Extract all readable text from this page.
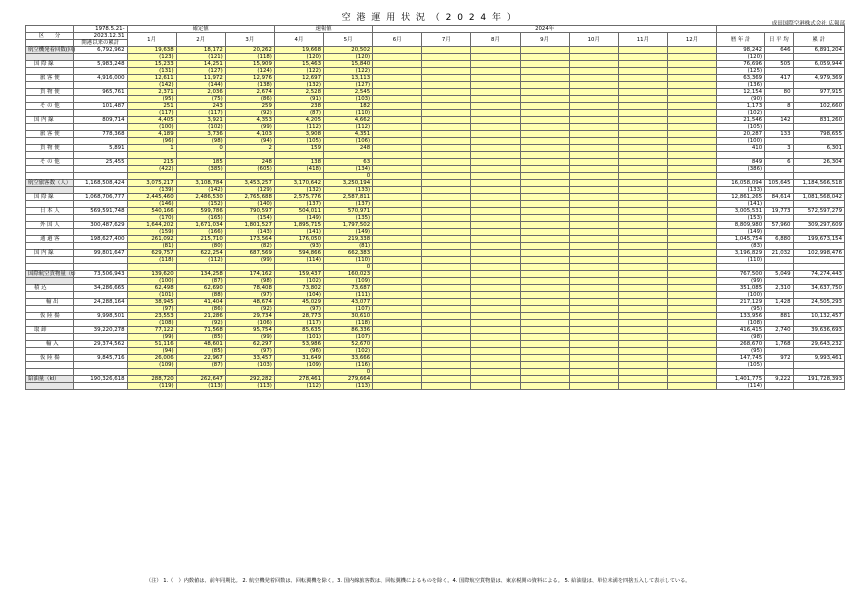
空 港 運 用 状 況 （ 2 0 2 4 年 ）
成田国際空港株式会社 広報部
	1978.5.21-	確定値			速報値		2024年									
区　　分	2023.12.31	1月	2月	3月	4月	5月	6月	7月	8月	9月	10月	11月	12月	暦 年 計	日 平 均	累 計
	開港以来の累計															
航空機発着回数(回)	6,792,962	19,638	18,172	20,262	19,668	20,502								98,242	646	6,891,204
		(123)	(121)	(118)	(120)	(120)								(120)		
国 際 線	5,983,248	15,233	14,251	15,909	15,463	15,840								76,696	505	6,059,944
		(131)	(127)	(124)	(122)	(122)								(125)		
旅 客 便	4,916,000	12,611	11,972	12,976	12,697	13,113								63,369	417	4,979,369
		(142)	(144)	(138)	(132)	(127)								(136)		
貨 物 便	965,761	2,371	2,036	2,674	2,528	2,545								12,154	80	977,915
		(95)	(75)	(86)	(91)	(103)								(90)		
そ の 他	101,487	251	243	259	238	182								1,173	8	102,660
		(117)	(117)	(92)	(87)	(110)								(102)		
国 内 線	809,714	4,405	3,921	4,353	4,205	4,662								21,546	142	831,260
		(100)	(102)	(99)	(112)	(112)								(105)		
旅 客 便	778,368	4,189	3,736	4,103	3,908	4,351								20,287	133	798,655
		(96)	(98)	(94)	(105)	(106)								(100)		
貨 物 便	5,891	1	0	2	159	248								410	3	6,301

そ の 他	25,455	215	185	248	138	63								849	6	26,304
		(422)	(385)	(605)	(418)	(134)								(386)		
						0										
航空旅客数（人）	1,168,508,424	3,075,217	3,108,784	3,453,257	3,170,642	3,250,194								16,058,094	105,645	1,184,566,518
		(139)	(142)	(129)	(132)	(133)								(133)		
国 際 線	1,068,706,777	2,445,460	2,486,530	2,765,688	2,575,776	2,587,811								12,861,265	84,614	1,081,568,042
		(146)	(152)	(140)	(137)	(137)								(141)		
日 本 人	569,591,748	540,166	599,786	790,597	504,011	570,971								3,005,531	19,773	572,597,279
		(170)	(165)	(154)	(149)	(135)								(153)		
外 国 人	300,487,629	1,644,202	1,671,034	1,801,527	1,895,715	1,797,502								8,809,980	57,960	309,297,609
		(159)	(166)	(143)	(141)	(149)								(149)		
通 過 客	198,627,400	261,092	215,710	173,564	176,050	219,338								1,045,754	6,880	199,673,154
		(81)	(80)	(82)	(93)	(81)								(83)		
国 内 線	99,801,647	629,757	622,254	687,569	594,866	662,383								3,196,829	21,032	102,998,476
		(118)	(112)	(99)	(114)	(110)								(110)		
						0										
国際航空貨物量（t）	73,506,943	139,620	134,258	174,162	159,437	160,023								767,500	5,049	74,274,443
		(100)	(87)	(98)	(102)	(109)								(99)		
積 込	34,286,665	62,498	62,690	78,408	73,802	73,687								351,085	2,310	34,637,750
		(101)	(88)	(97)	(104)	(111)								(100)		
輸 出	24,288,164	38,945	41,404	48,674	45,029	43,077								217,129	1,428	24,505,293
		(97)	(86)	(92)	(97)	(107)								(95)		
仮 陸 揚	9,998,501	23,553	21,286	29,734	28,773	30,610								133,956	881	10,132,457
		(108)	(92)	(106)	(117)	(118)								(108)		
取 卸	39,220,278	77,122	71,568	95,754	85,635	86,336								416,415	2,740	39,636,693
		(99)	(85)	(99)	(101)	(107)								(98)		
輸 入	29,374,562	51,116	48,601	62,297	53,986	52,670								268,670	1,768	29,643,232
		(94)	(85)	(97)	(96)	(102)								(95)		
仮 陸 揚	9,845,716	26,006	22,967	33,457	31,649	33,666								147,745	972	9,993,461
		(109)	(87)	(103)	(109)	(116)								(105)		
						0										
給油量（kl）	190,326,618	288,720	262,647	292,282	278,461	279,664								1,401,775	9,222	191,728,393
		(119)	(113)	(113)	(112)	(113)								(114)		
（注） 1.（　）内数値は、前年同期比。 2. 航空機発着回数は、回転翼機を除く。3. 国内線旅客数は、回転翼機によるものを除く。4. 国際航空貨物量は、東京税関の資料による。 5. 給油量は、単位未満を四捨五入して表示している。
